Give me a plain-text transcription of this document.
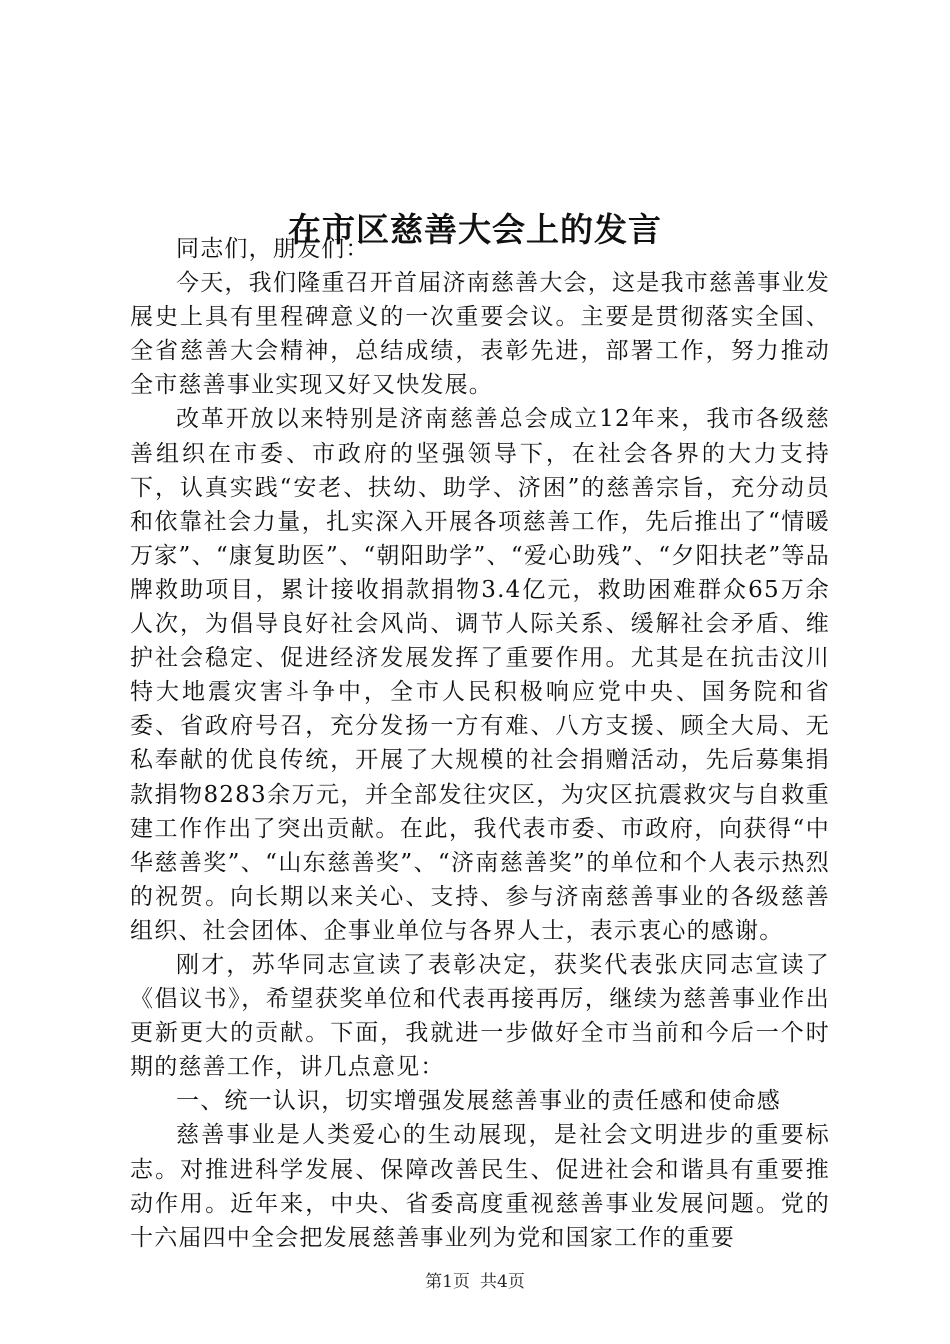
在市区慈善大会上的发言

同志们，朋友们：

今天，我们隆重召开首届济南慈善大会，这是我市慈善事业发展史上具有里程碑意义的一次重要会议。主要是贯彻落实全国、全省慈善大会精神，总结成绩，表彰先进，部署工作，努力推动全市慈善事业实现又好又快发展。

改革开放以来特别是济南慈善总会成立12年来，我市各级慈善组织在市委、市政府的坚强领导下，在社会各界的大力支持下，认真实践“安老、扶幼、助学、济困”的慈善宗旨，充分动员和依靠社会力量，扎实深入开展各项慈善工作，先后推出了“情暖万家”、“康复助医”、“朝阳助学”、“爱心助残”、“夕阳扶老”等品牌救助项目，累计接收捐款捐物3.4亿元，救助困难群众65万余人次，为倡导良好社会风尚、调节人际关系、缓解社会矛盾、维护社会稳定、促进经济发展发挥了重要作用。尤其是在抗击汶川特大地震灾害斗争中，全市人民积极响应党中央、国务院和省委、省政府号召，充分发扬一方有难、八方支援、顾全大局、无私奉献的优良传统，开展了大规模的社会捐赠活动，先后募集捐款捐物8283余万元，并全部发往灾区，为灾区抗震救灾与自救重建工作作出了突出贡献。在此，我代表市委、市政府，向获得“中华慈善奖”、“山东慈善奖”、“济南慈善奖”的单位和个人表示热烈的祝贺。向长期以来关心、支持、参与济南慈善事业的各级慈善组织、社会团体、企事业单位与各界人士，表示衷心的感谢。

刚才，苏华同志宣读了表彰决定，获奖代表张庆同志宣读了《倡议书》，希望获奖单位和代表再接再厉，继续为慈善事业作出更新更大的贡献。下面，我就进一步做好全市当前和今后一个时期的慈善工作，讲几点意见：

一、统一认识，切实增强发展慈善事业的责任感和使命感

慈善事业是人类爱心的生动展现，是社会文明进步的重要标志。对推进科学发展、保障改善民生、促进社会和谐具有重要推动作用。近年来，中央、省委高度重视慈善事业发展问题。党的十六届四中全会把发展慈善事业列为党和国家工作的重要

第1页 共4页
